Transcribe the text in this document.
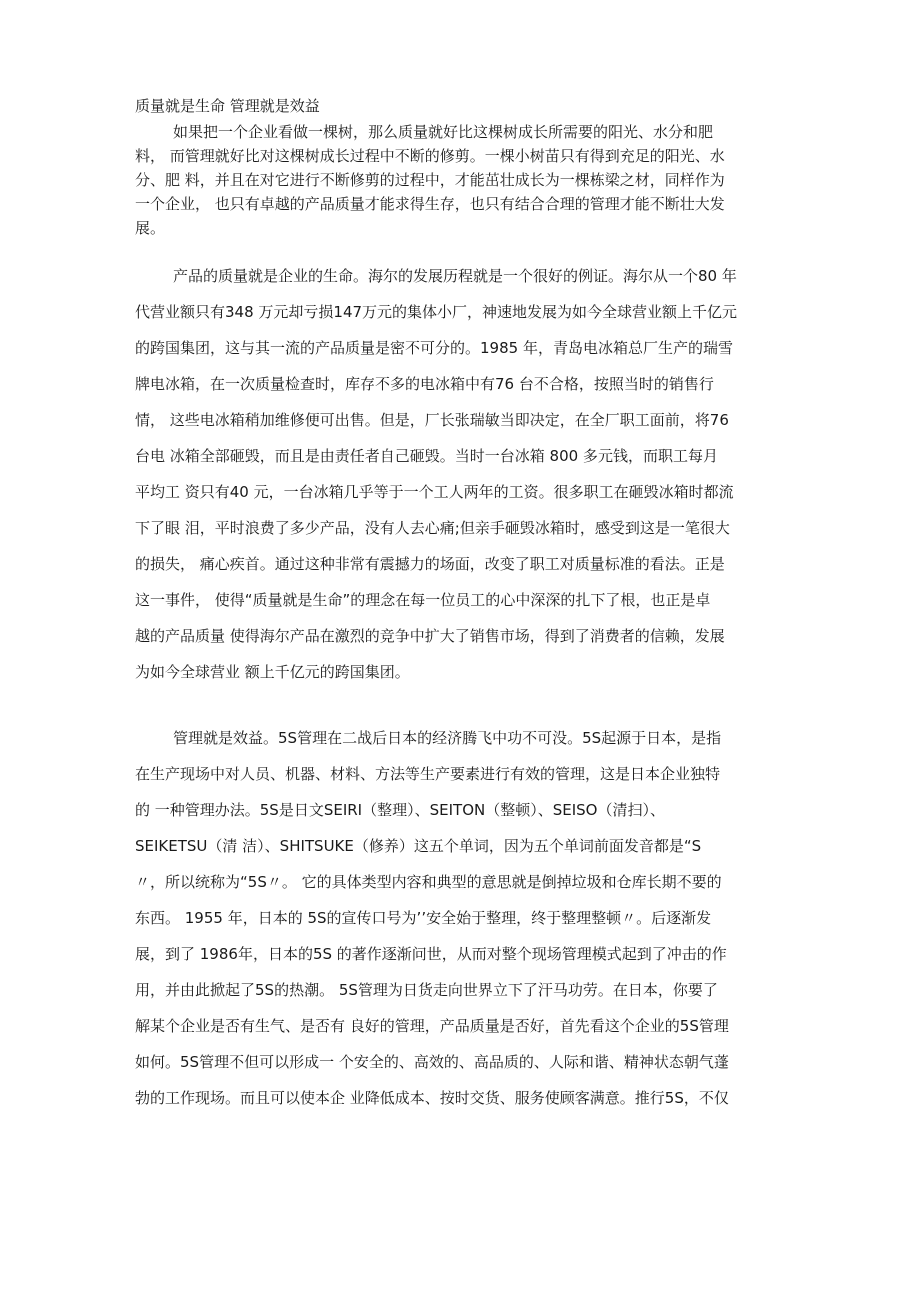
质量就是生命 管理就是效益
如果把一个企业看做一棵树，那么质量就好比这棵树成长所需要的阳光、水分和肥
料， 而管理就好比对这棵树成长过程中不断的修剪。一棵小树苗只有得到充足的阳光、水
分、肥 料，并且在对它进行不断修剪的过程中，才能茁壮成长为一棵栋梁之材，同样作为
一个企业， 也只有卓越的产品质量才能求得生存，也只有结合合理的管理才能不断壮大发
展。
产品的质量就是企业的生命。海尔的发展历程就是一个很好的例证。海尔从一个80 年
代营业额只有348 万元却亏损147万元的集体小厂，神速地发展为如今全球营业额上千亿元
的跨国集团，这与其一流的产品质量是密不可分的。1985 年，青岛电冰箱总厂生产的瑞雪
牌电冰箱，在一次质量检查时，库存不多的电冰箱中有76 台不合格，按照当时的销售行
情， 这些电冰箱稍加维修便可出售。但是，厂长张瑞敏当即决定，在全厂职工面前，将76
台电 冰箱全部砸毁，而且是由责任者自己砸毁。当时一台冰箱 800 多元钱，而职工每月
平均工 资只有40 元，一台冰箱几乎等于一个工人两年的工资。很多职工在砸毁冰箱时都流
下了眼 泪，平时浪费了多少产品，没有人去心痛;但亲手砸毁冰箱时，感受到这是一笔很大
的损失， 痛心疾首。通过这种非常有震撼力的场面，改变了职工对质量标准的看法。正是
这一事件， 使得“质量就是生命”的理念在每一位员工的心中深深的扎下了根，也正是卓
越的产品质量 使得海尔产品在激烈的竞争中扩大了销售市场，得到了消费者的信赖，发展
为如今全球营业 额上千亿元的跨国集团。
管理就是效益。5S管理在二战后日本的经济腾飞中功不可没。5S起源于日本，是指
在生产现场中对人员、机器、材料、方法等生产要素进行有效的管理，这是日本企业独特
的 一种管理办法。5S是日文SEIRI（整理）、SEITON（整顿）、SEISO（清扫）、
SEIKETSU（清 洁）、SHITSUKE（修养）这五个单词，因为五个单词前面发音都是“S
〃，所以统称为“5S〃。 它的具体类型内容和典型的意思就是倒掉垃圾和仓库长期不要的
东西。 1955 年，日本的 5S的宣传口号为’’安全始于整理，终于整理整顿〃。后逐渐发
展，到了 1986年，日本的5S 的著作逐渐问世，从而对整个现场管理模式起到了冲击的作
用，并由此掀起了5S的热潮。 5S管理为日货走向世界立下了汗马功劳。在日本，你要了
解某个企业是否有生气、是否有 良好的管理，产品质量是否好，首先看这个企业的5S管理
如何。5S管理不但可以形成一 个安全的、高效的、高品质的、人际和谐、精神状态朝气蓬
勃的工作现场。而且可以使本企 业降低成本、按时交货、服务使顾客满意。推行5S，不仅
